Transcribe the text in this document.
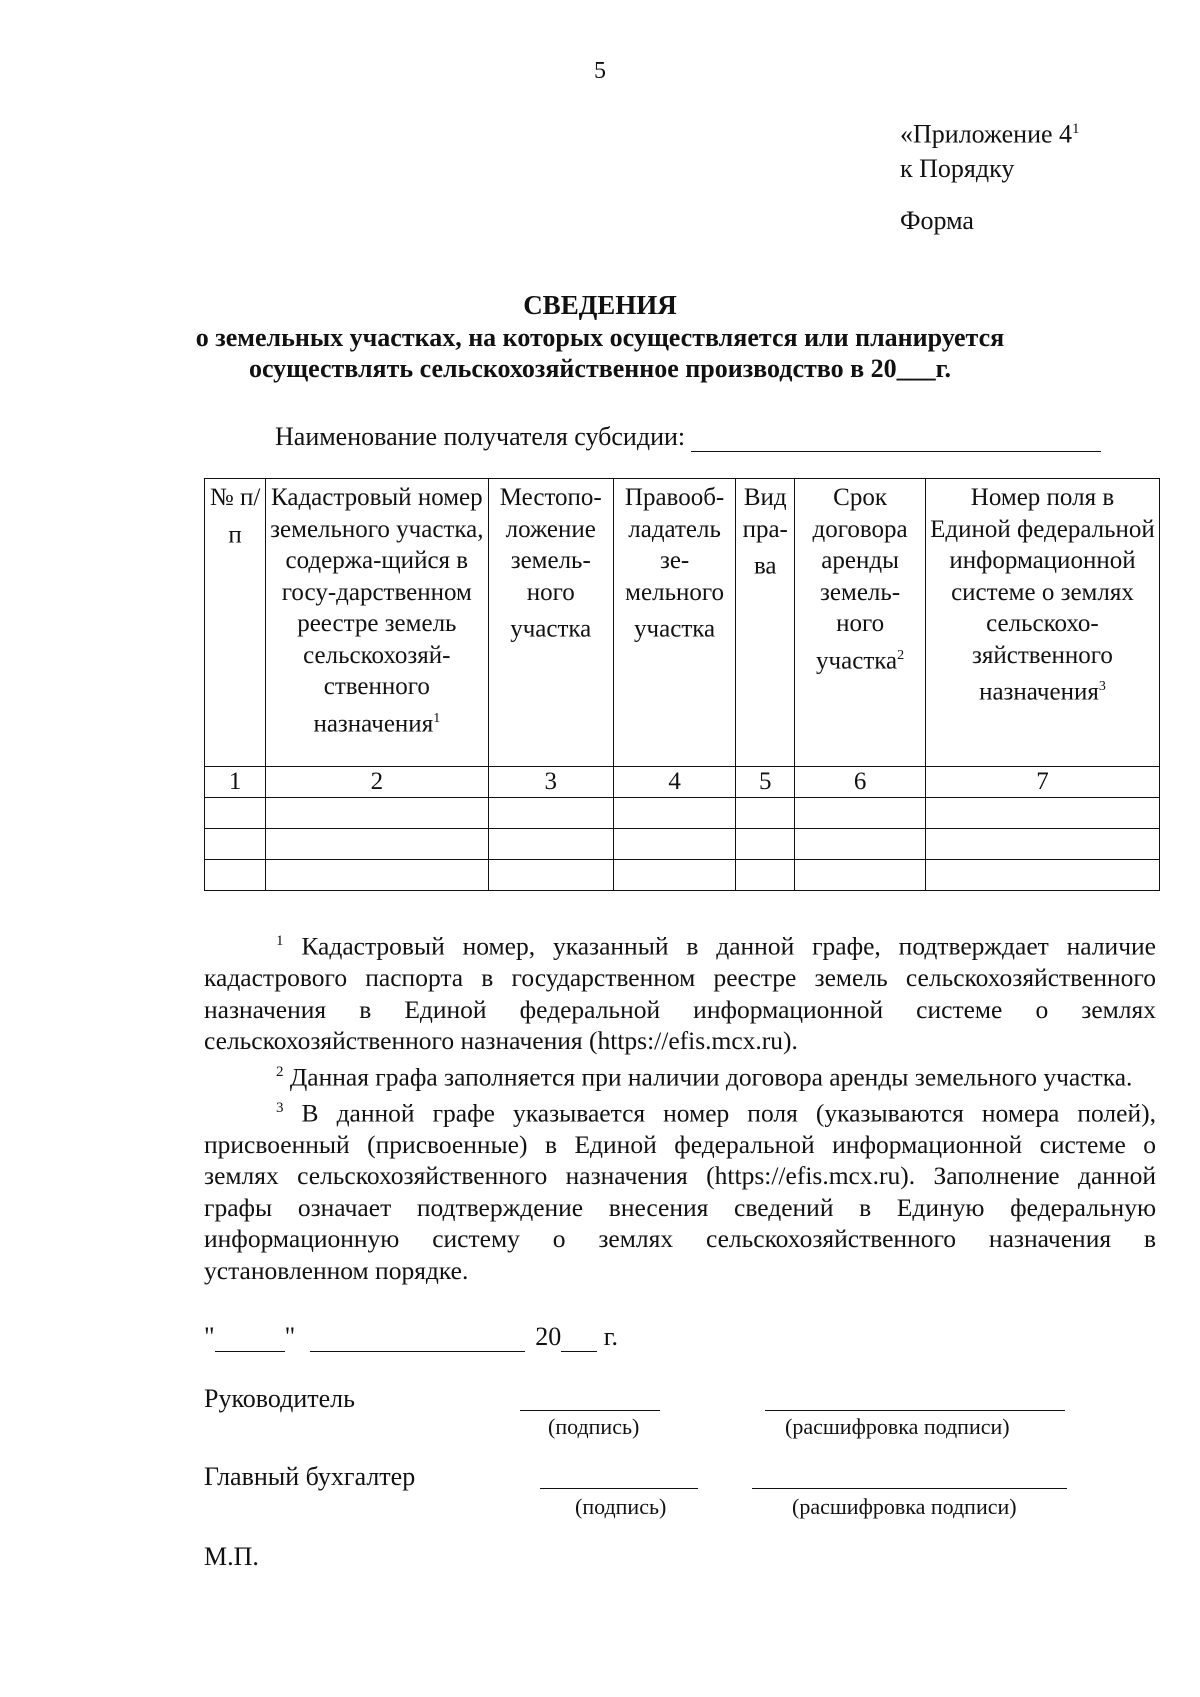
5
«Приложение $4^1$
к Порядку
Форма
СВЕДЕНИЯ
о земельных участках, на которых осуществляется или планируется
осуществлять сельскохозяйственное производство в 20___г.
Наименование получателя субсидии:
№ п/п	Кадастровый номер земельного участка, содержа-щийся в госу-дарственном реестре земель сельскохозяй-ственного назначения$^1$	Местопо-ложение земель-ного участка	Правооб-ладатель зе-мельного участка	Вид пра-ва	Срок договора аренды земель-ного участка$^2$	Номер поля в Единой федеральной информационной системе о землях сельскохо-зяйственного назначения$^3$
1	2	3	4	5	6	7

$^1$ Кадастровый номер, указанный в данной графе, подтверждает наличие кадастрового паспорта в государственном реестре земель сельскохозяйственного назначения в Единой федеральной информационной системе о землях сельскохозяйственного назначения (https://efis.mcx.ru).

$^2$ Данная графа заполняется при наличии договора аренды земельного участка.

$^3$ В данной графе указывается номер поля (указываются номера полей), присвоенный (присвоенные) в Единой федеральной информационной системе о землях сельскохозяйственного назначения (https://efis.mcx.ru). Заполнение данной графы означает подтверждение внесения сведений в Единую федеральную информационную систему о землях сельскохозяйственного назначения в установленном порядке.

"	"	20 г.
Руководитель
(подпись)	(расшифровка подписи)
Главный бухгалтер
(подпись)	(расшифровка подписи)
М.П.
